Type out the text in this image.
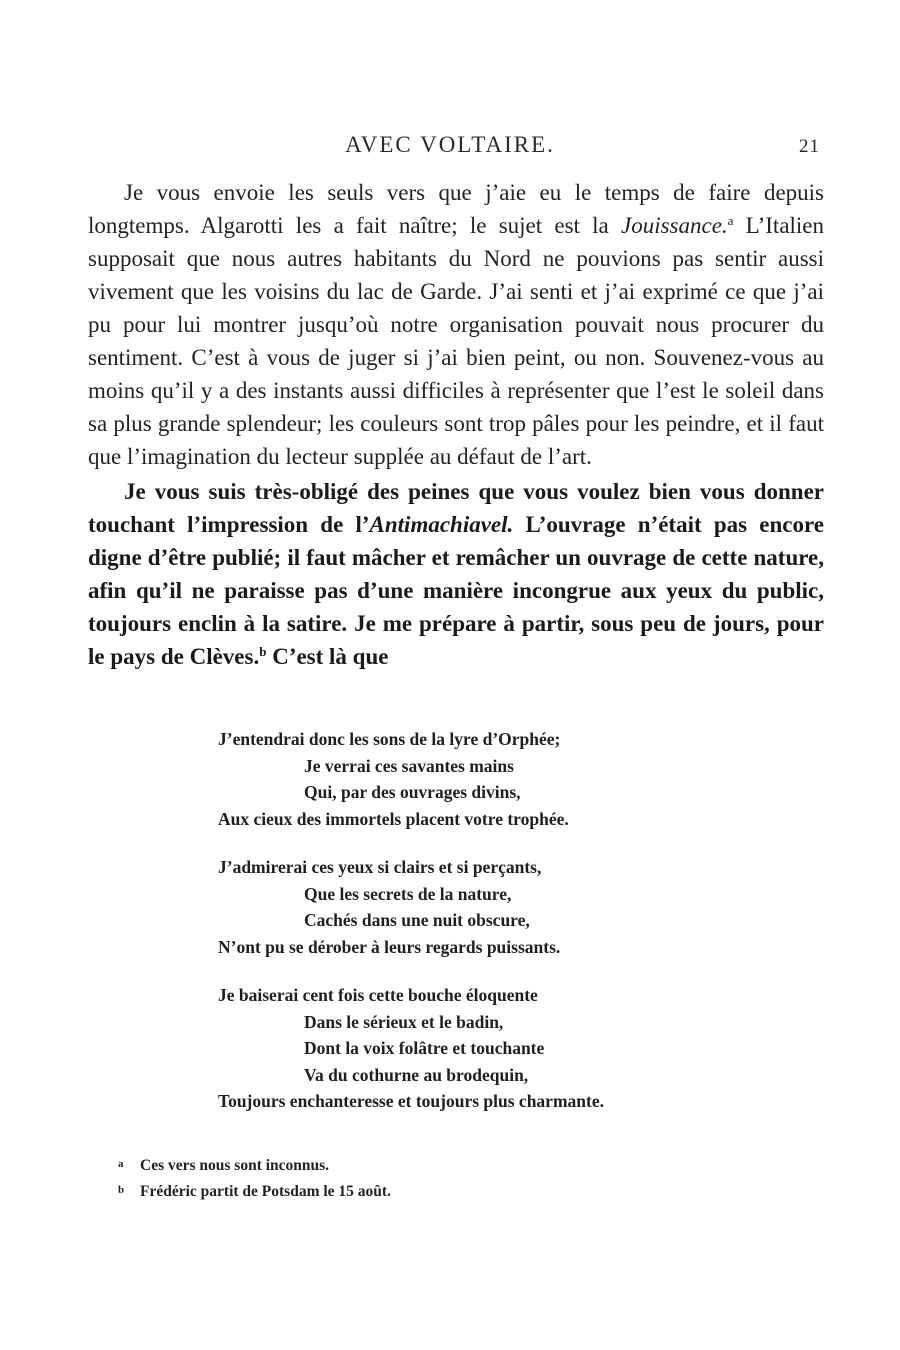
AVEC VOLTAIRE.	21

Je vous envoie les seuls vers que j’aie eu le temps de faire depuis longtemps. Algarotti les a fait naître; le sujet est la Jouissance.$^a$ L’Italien supposait que nous autres habitants du Nord ne pouvions pas sentir aussi vivement que les voisins du lac de Garde. J’ai senti et j’ai exprimé ce que j’ai pu pour lui montrer jusqu’où notre organisation pouvait nous procurer du sentiment. C’est à vous de juger si j’ai bien peint, ou non. Souvenez-vous au moins qu’il y a des instants aussi difficiles à représenter que l’est le soleil dans sa plus grande splendeur; les couleurs sont trop pâles pour les peindre, et il faut que l’imagination du lecteur supplée au défaut de l’art.

Je vous suis très-obligé des peines que vous voulez bien vous donner touchant l’impression de l’Antimachiavel. L’ouvrage n’était pas encore digne d’être publié; il faut mâcher et remâcher un ouvrage de cette nature, afin qu’il ne paraisse pas d’une manière incongrue aux yeux du public, toujours enclin à la satire. Je me prépare à partir, sous peu de jours, pour le pays de Clèves.$^b$ C’est là que

J’entendrai donc les sons de la lyre d’Orphée;
Je verrai ces savantes mains
Qui, par des ouvrages divins,
Aux cieux des immortels placent votre trophée.
J’admirerai ces yeux si clairs et si perçants,
Que les secrets de la nature,
Cachés dans une nuit obscure,
N’ont pu se dérober à leurs regards puissants.
Je baiserai cent fois cette bouche éloquente
Dans le sérieux et le badin,
Dont la voix folâtre et touchante
Va du cothurne au brodequin,
Toujours enchanteresse et toujours plus charmante.
a Ces vers nous sont inconnus.
b Frédéric partit de Potsdam le 15 août.
